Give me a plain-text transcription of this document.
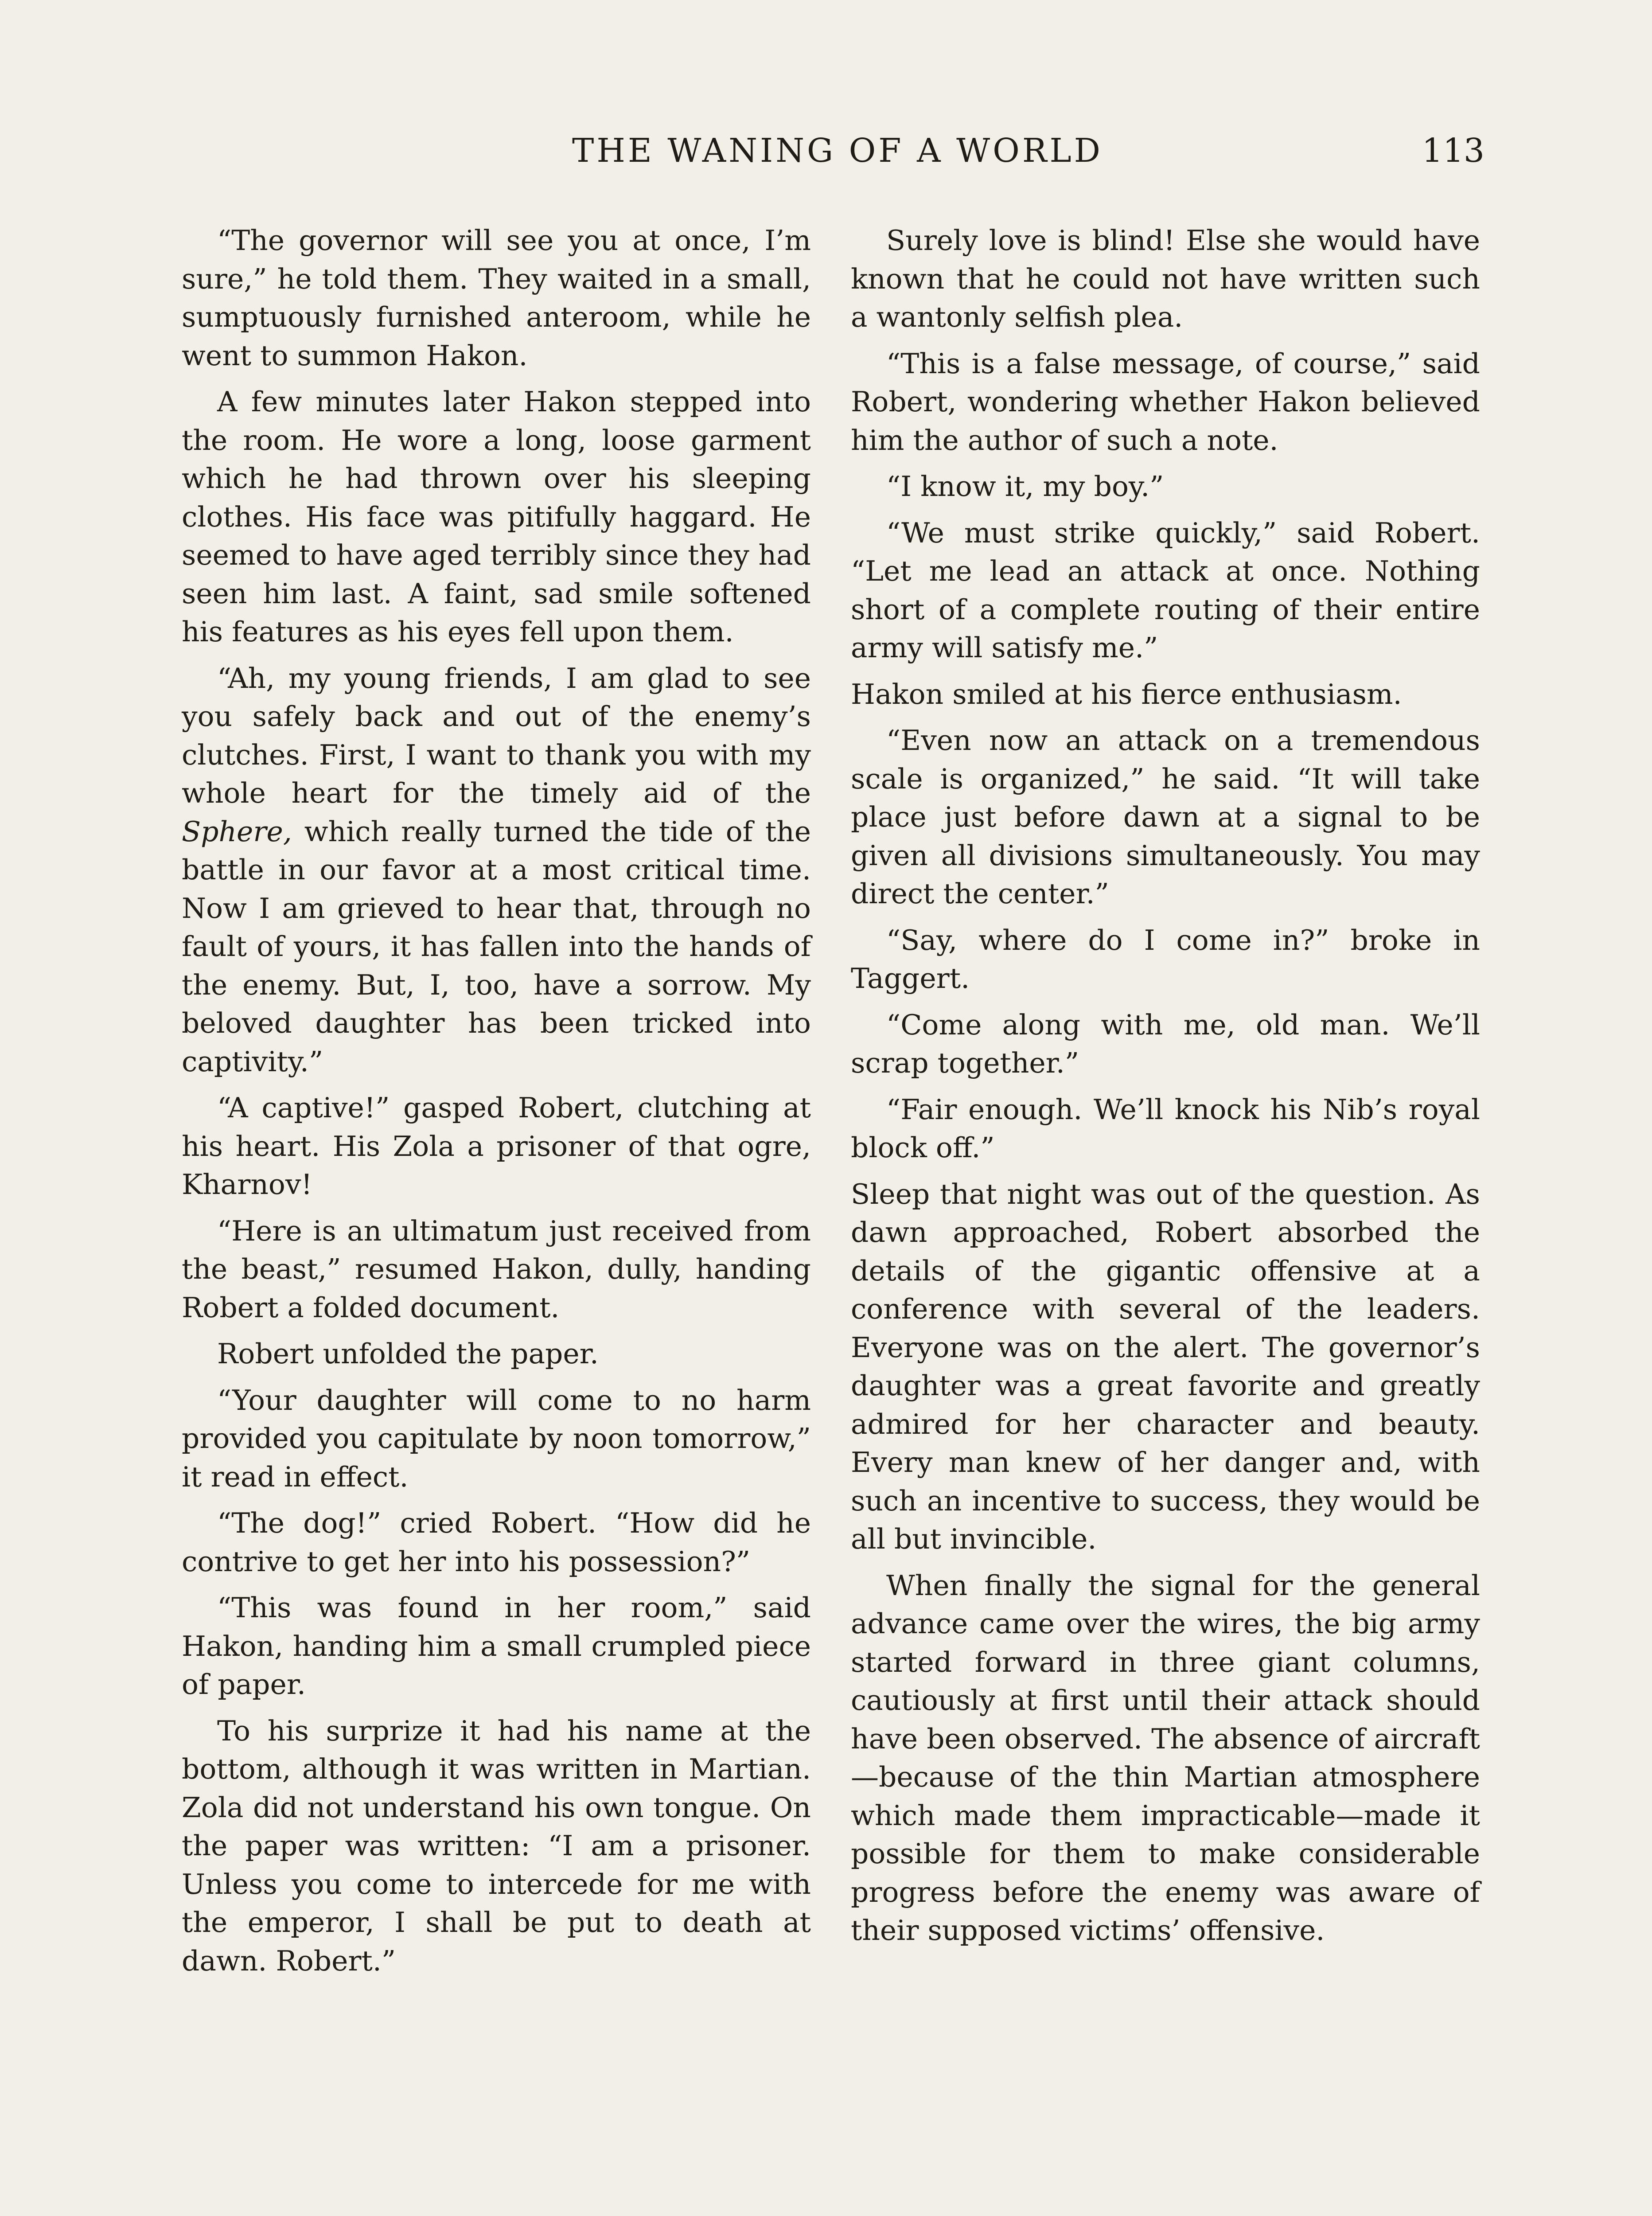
THE WANING OF A WORLD	113

“The governor will see you at once, I’m sure,” he told them. They waited in a small, sumptuously furnished anteroom, while he went to summon Hakon.

A few minutes later Hakon stepped into the room. He wore a long, loose garment which he had thrown over his sleeping clothes. His face was pitifully haggard. He seemed to have aged terribly since they had seen him last. A faint, sad smile softened his features as his eyes fell upon them.

“Ah, my young friends, I am glad to see you safely back and out of the enemy’s clutches. First, I want to thank you with my whole heart for the timely aid of the Sphere, which really turned the tide of the battle in our favor at a most critical time. Now I am grieved to hear that, through no fault of yours, it has fallen into the hands of the enemy. But, I, too, have a sorrow. My beloved daughter has been tricked into captivity.”

“A captive!” gasped Robert, clutching at his heart. His Zola a prisoner of that ogre, Kharnov!

“Here is an ultimatum just received from the beast,” resumed Hakon, dully, handing Robert a folded document.

Robert unfolded the paper.

“Your daughter will come to no harm provided you capitulate by noon tomorrow,” it read in effect.

“The dog!” cried Robert. “How did he contrive to get her into his possession?”

“This was found in her room,” said Hakon, handing him a small crumpled piece of paper.

To his surprize it had his name at the bottom, although it was written in Martian. Zola did not understand his own tongue. On the paper was written: “I am a prisoner. Unless you come to intercede for me with the emperor, I shall be put to death at dawn. Robert.”

Surely love is blind! Else she would have known that he could not have written such a wantonly selfish plea.

“This is a false message, of course,” said Robert, wondering whether Hakon believed him the author of such a note.

“I know it, my boy.”

“We must strike quickly,” said Robert. “Let me lead an attack at once. Nothing short of a complete routing of their entire army will satisfy me.”

Hakon smiled at his fierce enthusiasm.

“Even now an attack on a tremendous scale is organized,” he said. “It will take place just before dawn at a signal to be given all divisions simultaneously. You may direct the center.”

“Say, where do I come in?” broke in Taggert.

“Come along with me, old man. We’ll scrap together.”

“Fair enough. We’ll knock his Nib’s royal block off.”

Sleep that night was out of the question. As dawn approached, Robert absorbed the details of the gigantic offensive at a conference with several of the leaders. Everyone was on the alert. The governor’s daughter was a great favorite and greatly admired for her character and beauty. Every man knew of her danger and, with such an incentive to success, they would be all but invincible.

When finally the signal for the general advance came over the wires, the big army started forward in three giant columns, cautiously at first until their attack should have been observed. The absence of aircraft—because of the thin Martian atmosphere which made them impracticable—made it possible for them to make considerable progress before the enemy was aware of their supposed victims’ offensive.
